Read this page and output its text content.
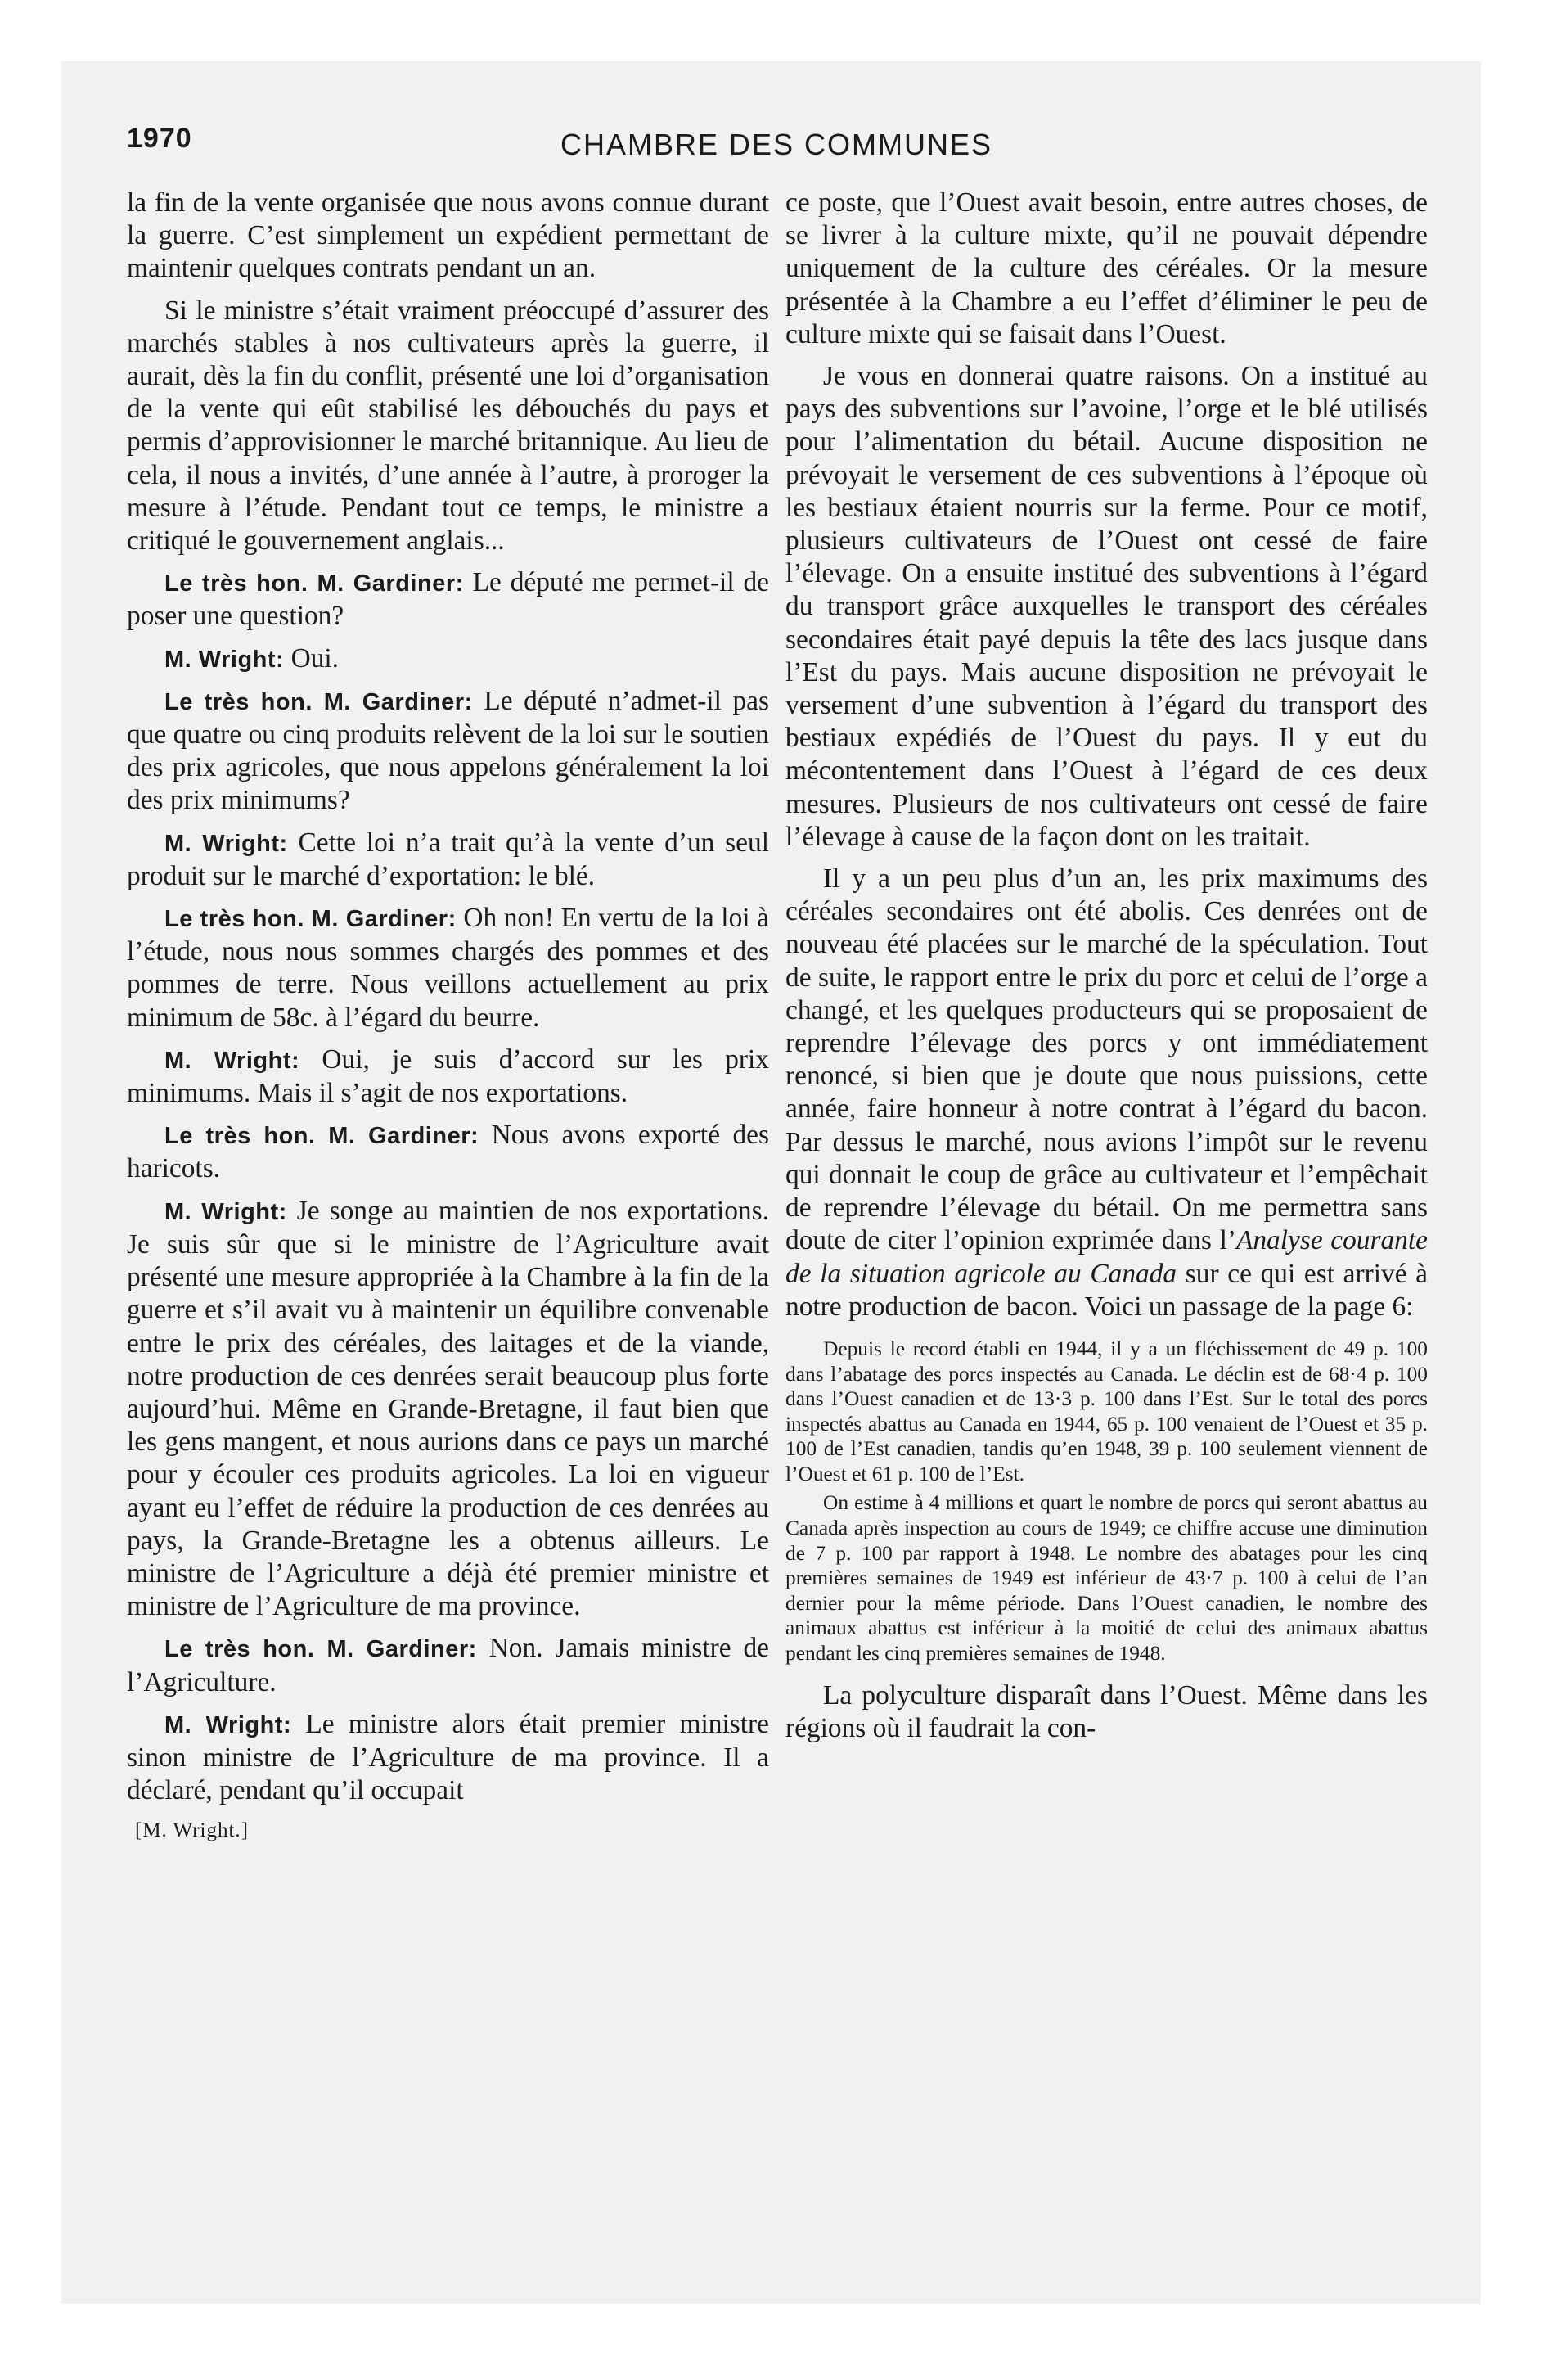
1970	CHAMBRE DES COMMUNES

la fin de la vente organisée que nous avons connue durant la guerre. C’est simplement un expédient permettant de maintenir quelques contrats pendant un an.

Si le ministre s’était vraiment préoccupé d’assurer des marchés stables à nos cultivateurs après la guerre, il aurait, dès la fin du conflit, présenté une loi d’organisation de la vente qui eût stabilisé les débouchés du pays et permis d’approvisionner le marché britannique. Au lieu de cela, il nous a invités, d’une année à l’autre, à proroger la mesure à l’étude. Pendant tout ce temps, le ministre a critiqué le gouvernement anglais...

Le très hon. M. Gardiner: Le député me permet-il de poser une question?

M. Wright: Oui.

Le très hon. M. Gardiner: Le député n’admet-il pas que quatre ou cinq produits relèvent de la loi sur le soutien des prix agricoles, que nous appelons généralement la loi des prix minimums?

M. Wright: Cette loi n’a trait qu’à la vente d’un seul produit sur le marché d’exportation: le blé.

Le très hon. M. Gardiner: Oh non! En vertu de la loi à l’étude, nous nous sommes chargés des pommes et des pommes de terre. Nous veillons actuellement au prix minimum de 58c. à l’égard du beurre.

M. Wright: Oui, je suis d’accord sur les prix minimums. Mais il s’agit de nos exportations.

Le très hon. M. Gardiner: Nous avons exporté des haricots.

M. Wright: Je songe au maintien de nos exportations. Je suis sûr que si le ministre de l’Agriculture avait présenté une mesure appropriée à la Chambre à la fin de la guerre et s’il avait vu à maintenir un équilibre convenable entre le prix des céréales, des laitages et de la viande, notre production de ces denrées serait beaucoup plus forte aujourd’hui. Même en Grande-Bretagne, il faut bien que les gens mangent, et nous aurions dans ce pays un marché pour y écouler ces produits agricoles. La loi en vigueur ayant eu l’effet de réduire la production de ces denrées au pays, la Grande-Bretagne les a obtenus ailleurs. Le ministre de l’Agriculture a déjà été premier ministre et ministre de l’Agriculture de ma province.

Le très hon. M. Gardiner: Non. Jamais ministre de l’Agriculture.

M. Wright: Le ministre alors était premier ministre sinon ministre de l’Agriculture de ma province. Il a déclaré, pendant qu’il occupait

[M. Wright.]

ce poste, que l’Ouest avait besoin, entre autres choses, de se livrer à la culture mixte, qu’il ne pouvait dépendre uniquement de la culture des céréales. Or la mesure présentée à la Chambre a eu l’effet d’éliminer le peu de culture mixte qui se faisait dans l’Ouest.

Je vous en donnerai quatre raisons. On a institué au pays des subventions sur l’avoine, l’orge et le blé utilisés pour l’alimentation du bétail. Aucune disposition ne prévoyait le versement de ces subventions à l’époque où les bestiaux étaient nourris sur la ferme. Pour ce motif, plusieurs cultivateurs de l’Ouest ont cessé de faire l’élevage. On a ensuite institué des subventions à l’égard du transport grâce auxquelles le transport des céréales secondaires était payé depuis la tête des lacs jusque dans l’Est du pays. Mais aucune disposition ne prévoyait le versement d’une subvention à l’égard du transport des bestiaux expédiés de l’Ouest du pays. Il y eut du mécontentement dans l’Ouest à l’égard de ces deux mesures. Plusieurs de nos cultivateurs ont cessé de faire l’élevage à cause de la façon dont on les traitait.

Il y a un peu plus d’un an, les prix maximums des céréales secondaires ont été abolis. Ces denrées ont de nouveau été placées sur le marché de la spéculation. Tout de suite, le rapport entre le prix du porc et celui de l’orge a changé, et les quelques producteurs qui se proposaient de reprendre l’élevage des porcs y ont immédiatement renoncé, si bien que je doute que nous puissions, cette année, faire honneur à notre contrat à l’égard du bacon. Par dessus le marché, nous avions l’impôt sur le revenu qui donnait le coup de grâce au cultivateur et l’empêchait de reprendre l’élevage du bétail. On me permettra sans doute de citer l’opinion exprimée dans l’Analyse courante de la situation agricole au Canada sur ce qui est arrivé à notre production de bacon. Voici un passage de la page 6:

Depuis le record établi en 1944, il y a un fléchissement de 49 p. 100 dans l’abatage des porcs inspectés au Canada. Le déclin est de 68·4 p. 100 dans l’Ouest canadien et de 13·3 p. 100 dans l’Est. Sur le total des porcs inspectés abattus au Canada en 1944, 65 p. 100 venaient de l’Ouest et 35 p. 100 de l’Est canadien, tandis qu’en 1948, 39 p. 100 seulement viennent de l’Ouest et 61 p. 100 de l’Est.

On estime à 4 millions et quart le nombre de porcs qui seront abattus au Canada après inspection au cours de 1949; ce chiffre accuse une diminution de 7 p. 100 par rapport à 1948. Le nombre des abatages pour les cinq premières semaines de 1949 est inférieur de 43·7 p. 100 à celui de l’an dernier pour la même période. Dans l’Ouest canadien, le nombre des animaux abattus est inférieur à la moitié de celui des animaux abattus pendant les cinq premières semaines de 1948.

La polyculture disparaît dans l’Ouest. Même dans les régions où il faudrait la con-
